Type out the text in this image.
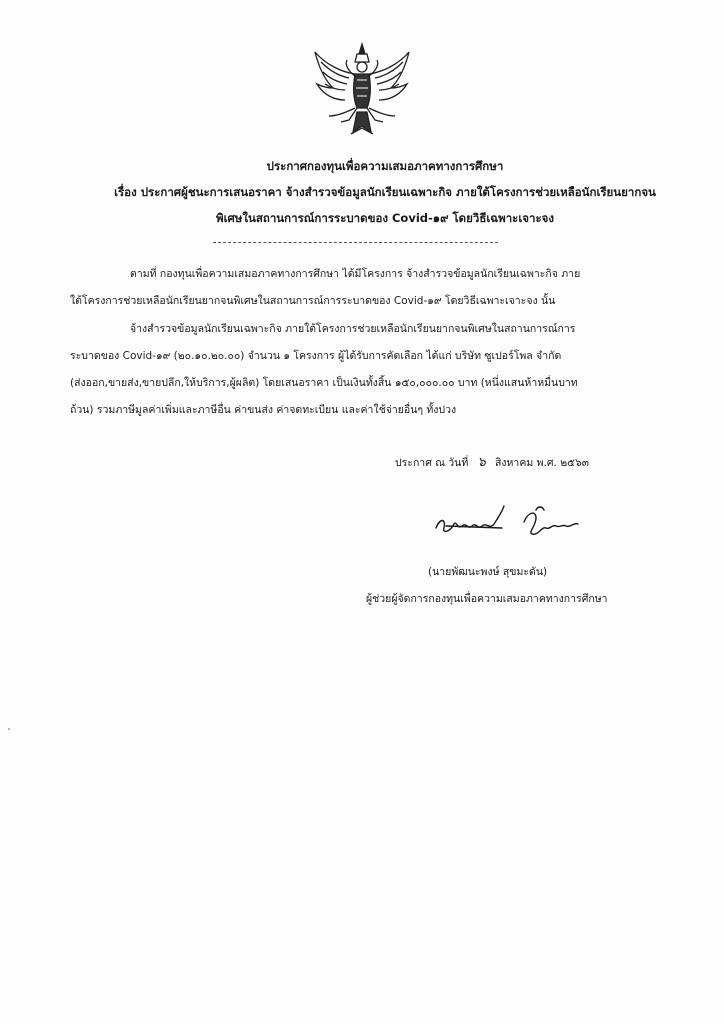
ประกาศกองทุนเพื่อความเสมอภาคทางการศึกษา
เรื่อง ประกาศผู้ชนะการเสนอราคา จ้างสำรวจข้อมูลนักเรียนเฉพาะกิจ ภายใต้โครงการช่วยเหลือนักเรียนยากจน
พิเศษในสถานการณ์การระบาดของ Covid-๑๙ โดยวิธีเฉพาะเจาะจง
ตามที่ กองทุนเพื่อความเสมอภาคทางการศึกษา ได้มีโครงการ จ้างสำรวจข้อมูลนักเรียนเฉพาะกิจ ภาย
ใต้โครงการช่วยเหลือนักเรียนยากจนพิเศษในสถานการณ์การระบาดของ Covid-๑๙ โดยวิธีเฉพาะเจาะจง นั้น
จ้างสำรวจข้อมูลนักเรียนเฉพาะกิจ ภายใต้โครงการช่วยเหลือนักเรียนยากจนพิเศษในสถานการณ์การ
ระบาดของ Covid-๑๙ (๒๐.๑๐.๒๐.๐๐) จำนวน ๑ โครงการ ผู้ได้รับการคัดเลือก ได้แก่ บริษัท ซูเปอร์โพล จำกัด
(ส่งออก,ขายส่ง,ขายปลีก,ให้บริการ,ผู้ผลิต) โดยเสนอราคา เป็นเงินทั้งสิ้น ๑๕๐,๐๐๐.๐๐ บาท (หนึ่งแสนห้าหมื่นบาท
ถ้วน) รวมภาษีมูลค่าเพิ่มและภาษีอื่น ค่าขนส่ง ค่าจดทะเบียน และค่าใช้จ่ายอื่นๆ ทั้งปวง
ประกาศ ณ วันที่ ๖ สิงหาคม พ.ศ. ๒๕๖๓
(นายพัฒนะพงษ์ สุขมะดัน)
ผู้ช่วยผู้จัดการกองทุนเพื่อความเสมอภาคทางการศึกษา
